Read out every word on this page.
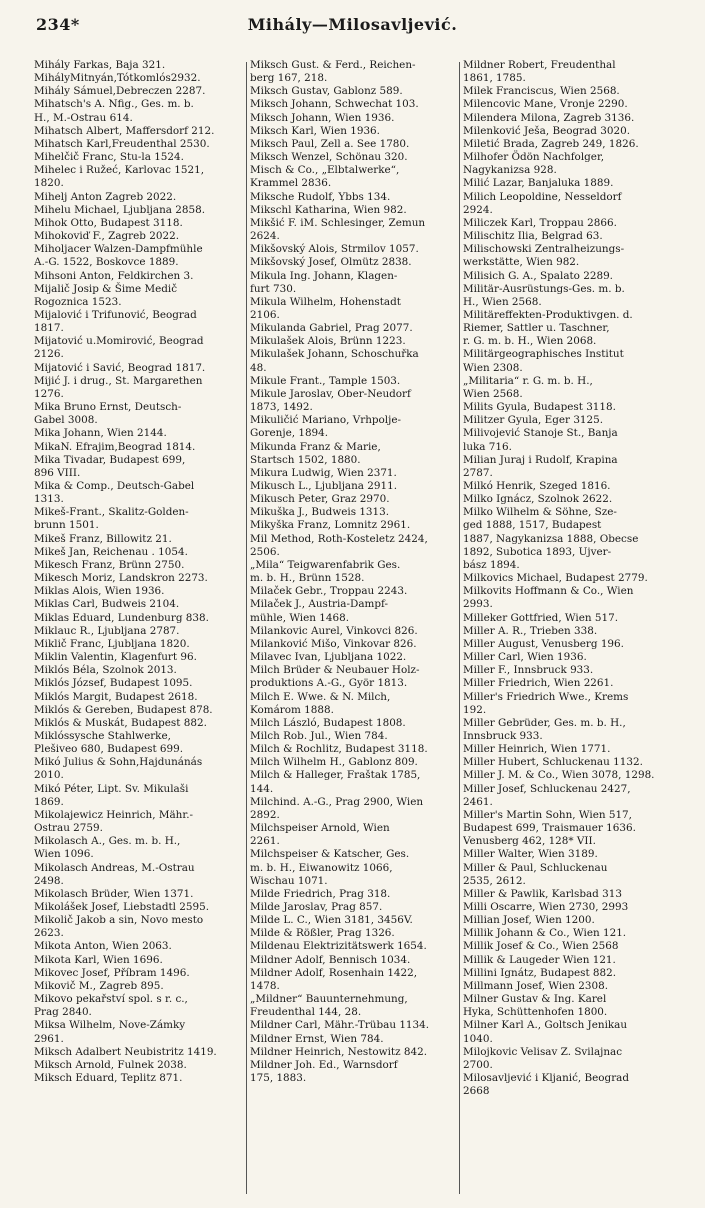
234*	Mihály—Milosavljević.
Mihály Farkas, Baja 321.
MihályMitnyán,Tótkomlós2932.
Mihály Sámuel,Debreczen 2287.
Mihatsch's A. Nfig., Ges. m. b.
H., M.-Ostrau 614.
Mihatsch Albert, Maffersdorf 212.
Mihatsch Karl,Freudenthal 2530.
Mihelčič Franc, Stu-la 1524.
Mihelec i Ružeć, Karlovac 1521,
1820.
Mihelj Anton Zagreb 2022.
Mihelu Michael, Ljubljana 2858.
Mihok Otto, Budapest 3118.
Mihokoviď F., Zagreb 2022.
Miholjacer Walzen-Dampfmühle
A.-G. 1522, Boskovce 1889.
Mihsoni Anton, Feldkirchen 3.
Mijalič Josip & Šime Medič
Rogoznica 1523.
Mijalović i Trifunović, Beograd
1817.
Mijatović u.Momirović, Beograd
2126.
Mijatović i Savić, Beograd 1817.
Mijić J. i drug., St. Margarethen
1276.
Mika Bruno Ernst, Deutsch-
Gabel 3008.
Mika Johann, Wien 2144.
MikaN. Efrajim,Beograd 1814.
Mika Tivadar, Budapest 699,
896 VIII.
Mika & Comp., Deutsch-Gabel
1313.
Mikeš-Frant., Skalitz-Golden-
brunn 1501.
Mikeš Franz, Billowitz 21.
Mikeš Jan, Reichenau . 1054.
Mikesch Franz, Brünn 2750.
Mikesch Moriz, Landskron 2273.
Miklas Alois, Wien 1936.
Miklas Carl, Budweis 2104.
Miklas Eduard, Lundenburg 838.
Miklauc R., Ljubljana 2787.
Miklič Franc, Ljubljana 1820.
Miklin Valentin, Klagenfurt 96.
Miklós Béla, Szolnok 2013.
Miklós József, Budapest 1095.
Miklós Margit, Budapest 2618.
Miklós & Gereben, Budapest 878.
Miklós & Muskát, Budapest 882.
Miklóssysche Stahlwerke,
Plešiveo 680, Budapest 699.
Mikó Julius & Sohn,Hajdunánás
2010.
Mikó Péter, Lipt. Sv. Mikulaši
1869.
Mikolajewicz Heinrich, Mähr.-
Ostrau 2759.
Mikolasch A., Ges. m. b. H.,
Wien 1096.
Mikolasch Andreas, M.-Ostrau
2498.
Mikolasch Brüder, Wien 1371.
Mikolášek Josef, Liebstadtl 2595.
Mikolič Jakob a sin, Novo mesto
2623.
Mikota Anton, Wien 2063.
Mikota Karl, Wien 1696.
Mikovec Josef, Příbram 1496.
Mikovič M., Zagreb 895.
Mikovo pekařství spol. s r. c.,
Prag 2840.
Miksa Wilhelm, Nove-Zámky
2961.
Miksch Adalbert Neubistritz 1419.
Miksch Arnold, Fulnek 2038.
Miksch Eduard, Teplitz 871.
Miksch Gust. & Ferd., Reichen-
berg 167, 218.
Miksch Gustav, Gablonz 589.
Miksch Johann, Schwechat 103.
Miksch Johann, Wien 1936.
Miksch Karl, Wien 1936.
Miksch Paul, Zell a. See 1780.
Miksch Wenzel, Schönau 320.
Misch & Co., „Elbtalwerke“,
Krammel 2836.
Miksche Rudolf, Ybbs 134.
Mikschl Katharina, Wien 982.
Mikšić F. iM. Schlesinger, Zemun
2624.
Mikšovský Alois, Strmilov 1057.
Mikšovský Josef, Olmütz 2838.
Mikula Ing. Johann, Klagen-
furt 730.
Mikula Wilhelm, Hohenstadt
2106.
Mikulanda Gabriel, Prag 2077.
Mikulašek Alois, Brünn 1223.
Mikulašek Johann, Schoschuřka
48.
Mikule Frant., Tample 1503.
Mikule Jaroslav, Ober-Neudorf
1873, 1492.
Mikuličić Mariano, Vrhpolje-
Gorenje, 1894.
Mikunda Franz & Marie,
Startsch 1502, 1880.
Mikura Ludwig, Wien 2371.
Mikusch L., Ljubljana 2911.
Mikusch Peter, Graz 2970.
Mikuška J., Budweis 1313.
Mikyška Franz, Lomnitz 2961.
Mil Method, Roth-Kosteletz 2424,
2506.
„Mila“ Teigwarenfabrik Ges.
m. b. H., Brünn 1528.
Milaček Gebr., Troppau 2243.
Milaček J., Austria-Dampf-
mühle, Wien 1468.
Milankovic Aurel, Vinkovci 826.
Milanković Mišo, Vinkovar 826.
Milavec Ivan, Ljubljana 1022.
Milch Brüder & Neubauer Holz-
produktions A.-G., Györ 1813.
Milch E. Wwe. & N. Milch,
Komárom 1888.
Milch László, Budapest 1808.
Milch Rob. Jul., Wien 784.
Milch & Rochlitz, Budapest 3118.
Milch Wilhelm H., Gablonz 809.
Milch & Halleger, Fraštak 1785,
144.
Milchind. A.-G., Prag 2900, Wien
2892.
Milchspeiser Arnold, Wien
2261.
Milchspeiser & Katscher, Ges.
m. b. H., Eiwanowitz 1066,
Wischau 1071.
Milde Friedrich, Prag 318.
Milde Jaroslav, Prag 857.
Milde L. C., Wien 3181, 3456V.
Milde & Rößler, Prag 1326.
Mildenau Elektrizitätswerk 1654.
Mildner Adolf, Bennisch 1034.
Mildner Adolf, Rosenhain 1422,
1478.
„Mildner“ Bauunternehmung,
Freudenthal 144, 28.
Mildner Carl, Mähr.-Trübau 1134.
Mildner Ernst, Wien 784.
Mildner Heinrich, Nestowitz 842.
Mildner Joh. Ed., Warnsdorf
175, 1883.
Mildner Robert, Freudenthal
1861, 1785.
Milek Franciscus, Wien 2568.
Milencovic Mane, Vronje 2290.
Milendera Milona, Zagreb 3136.
Milenković Ješa, Beograd 3020.
Miletić Brada, Zagreb 249, 1826.
Milhofer Ödön Nachfolger,
Nagykanizsa 928.
Milić Lazar, Banjaluka 1889.
Milich Leopoldine, Nesseldorf
2924.
Miliczek Karl, Troppau 2866.
Milischitz Ilia, Belgrad 63.
Milischowski Zentralheizungs-
werkstätte, Wien 982.
Milisich G. A., Spalato 2289.
Militär-Ausrüstungs-Ges. m. b.
H., Wien 2568.
Militäreffekten-Produktivgen. d.
Riemer, Sattler u. Taschner,
r. G. m. b. H., Wien 2068.
Militärgeographisches Institut
Wien 2308.
„Militaria“ r. G. m. b. H.,
Wien 2568.
Milits Gyula, Budapest 3118.
Militzer Gyula, Eger 3125.
Milivojević Stanoje St., Banja
luka 716.
Milian Juraj i Rudolf, Krapina
2787.
Milkó Henrik, Szeged 1816.
Milko Ignácz, Szolnok 2622.
Milko Wilhelm & Söhne, Sze-
ged 1888, 1517, Budapest
1887, Nagykanizsa 1888, Obecse
1892, Subotica 1893, Ujver-
bász 1894.
Milkovics Michael, Budapest 2779.
Milkovits Hoffmann & Co., Wien
2993.
Milleker Gottfried, Wien 517.
Miller A. R., Trieben 338.
Miller August, Venusberg 196.
Miller Carl, Wien 1936.
Miller F., Innsbruck 933.
Miller Friedrich, Wien 2261.
Miller's Friedrich Wwe., Krems
192.
Miller Gebrüder, Ges. m. b. H.,
Innsbruck 933.
Miller Heinrich, Wien 1771.
Miller Hubert, Schluckenau 1132.
Miller J. M. & Co., Wien 3078, 1298.
Miller Josef, Schluckenau 2427,
2461.
Miller's Martin Sohn, Wien 517,
Budapest 699, Traismauer 1636.
Venusberg 462, 128* VII.
Miller Walter, Wien 3189.
Miller & Paul, Schluckenau
2535, 2612.
Miller & Pawlik, Karlsbad 313
Milli Oscarre, Wien 2730, 2993
Millian Josef, Wien 1200.
Millik Johann & Co., Wien 121.
Millik Josef & Co., Wien 2568
Millik & Laugeder Wien 121.
Millini Ignátz, Budapest 882.
Millmann Josef, Wien 2308.
Milner Gustav & Ing. Karel
Hyka, Schüttenhofen 1800.
Milner Karl A., Goltsch Jenikau
1040.
Milojkovic Velisav Z. Svilajnac
2700.
Milosavljević i Kljanić, Beograd
2668
